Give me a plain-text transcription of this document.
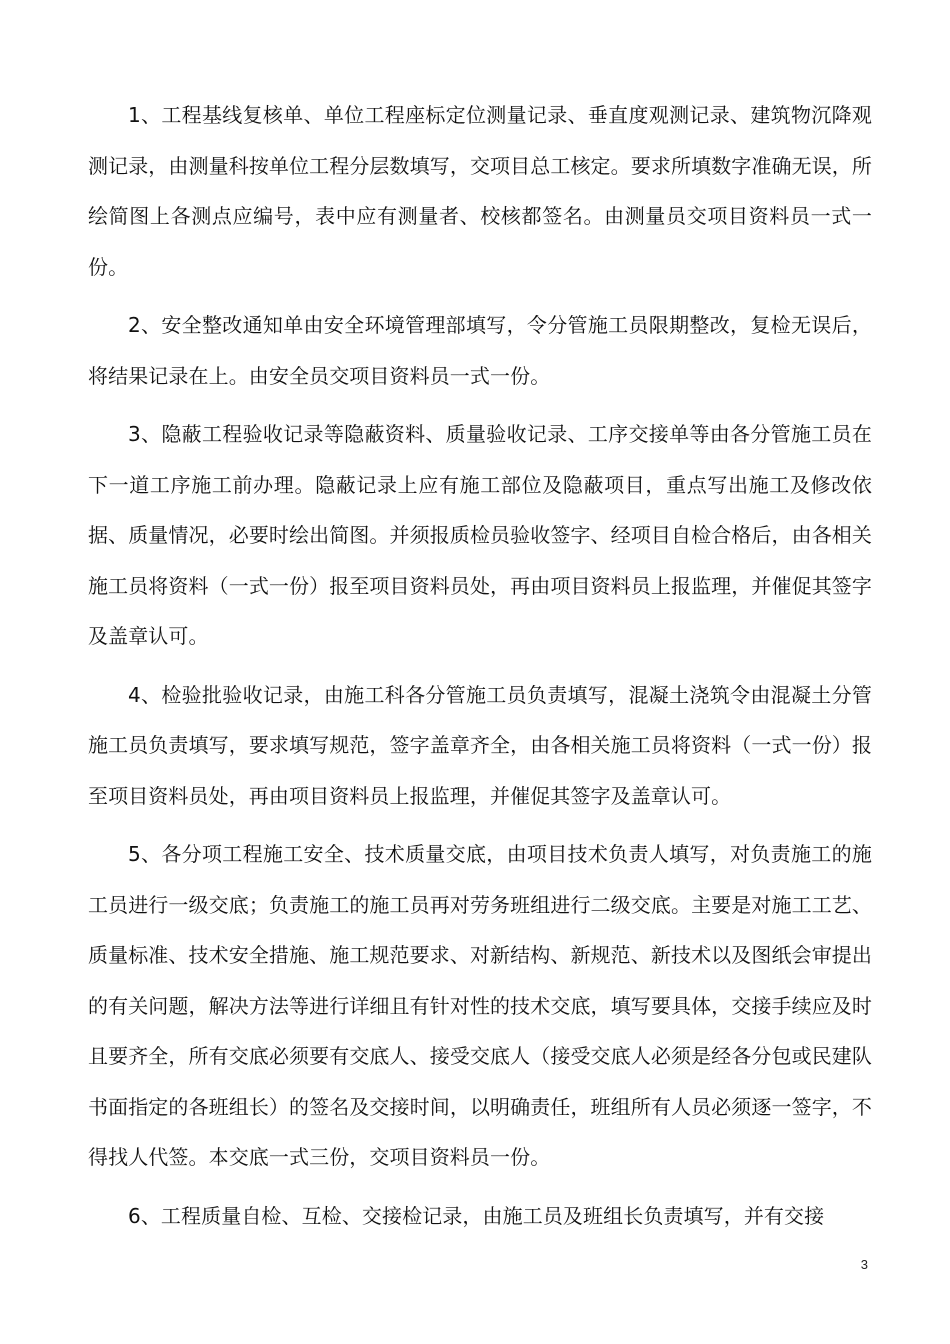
1、工程基线复核单、单位工程座标定位测量记录、垂直度观测记录、建筑物沉降观测记录，由测量科按单位工程分层数填写，交项目总工核定。要求所填数字准确无误，所绘简图上各测点应编号，表中应有测量者、校核都签名。由测量员交项目资料员一式一份。

2、安全整改通知单由安全环境管理部填写，令分管施工员限期整改，复检无误后，将结果记录在上。由安全员交项目资料员一式一份。

3、隐蔽工程验收记录等隐蔽资料、质量验收记录、工序交接单等由各分管施工员在下一道工序施工前办理。隐蔽记录上应有施工部位及隐蔽项目，重点写出施工及修改依据、质量情况，必要时绘出简图。并须报质检员验收签字、经项目自检合格后，由各相关施工员将资料（一式一份）报至项目资料员处，再由项目资料员上报监理，并催促其签字及盖章认可。

4、检验批验收记录，由施工科各分管施工员负责填写，混凝土浇筑令由混凝土分管施工员负责填写，要求填写规范，签字盖章齐全，由各相关施工员将资料（一式一份）报至项目资料员处，再由项目资料员上报监理，并催促其签字及盖章认可。

5、各分项工程施工安全、技术质量交底，由项目技术负责人填写，对负责施工的施工员进行一级交底；负责施工的施工员再对劳务班组进行二级交底。主要是对施工工艺、质量标准、技术安全措施、施工规范要求、对新结构、新规范、新技术以及图纸会审提出的有关问题，解决方法等进行详细且有针对性的技术交底，填写要具体，交接手续应及时且要齐全，所有交底必须要有交底人、接受交底人（接受交底人必须是经各分包或民建队书面指定的各班组长）的签名及交接时间，以明确责任，班组所有人员必须逐一签字，不得找人代签。本交底一式三份，交项目资料员一份。

6、工程质量自检、互检、交接检记录，由施工员及班组长负责填写，并有交接

3
